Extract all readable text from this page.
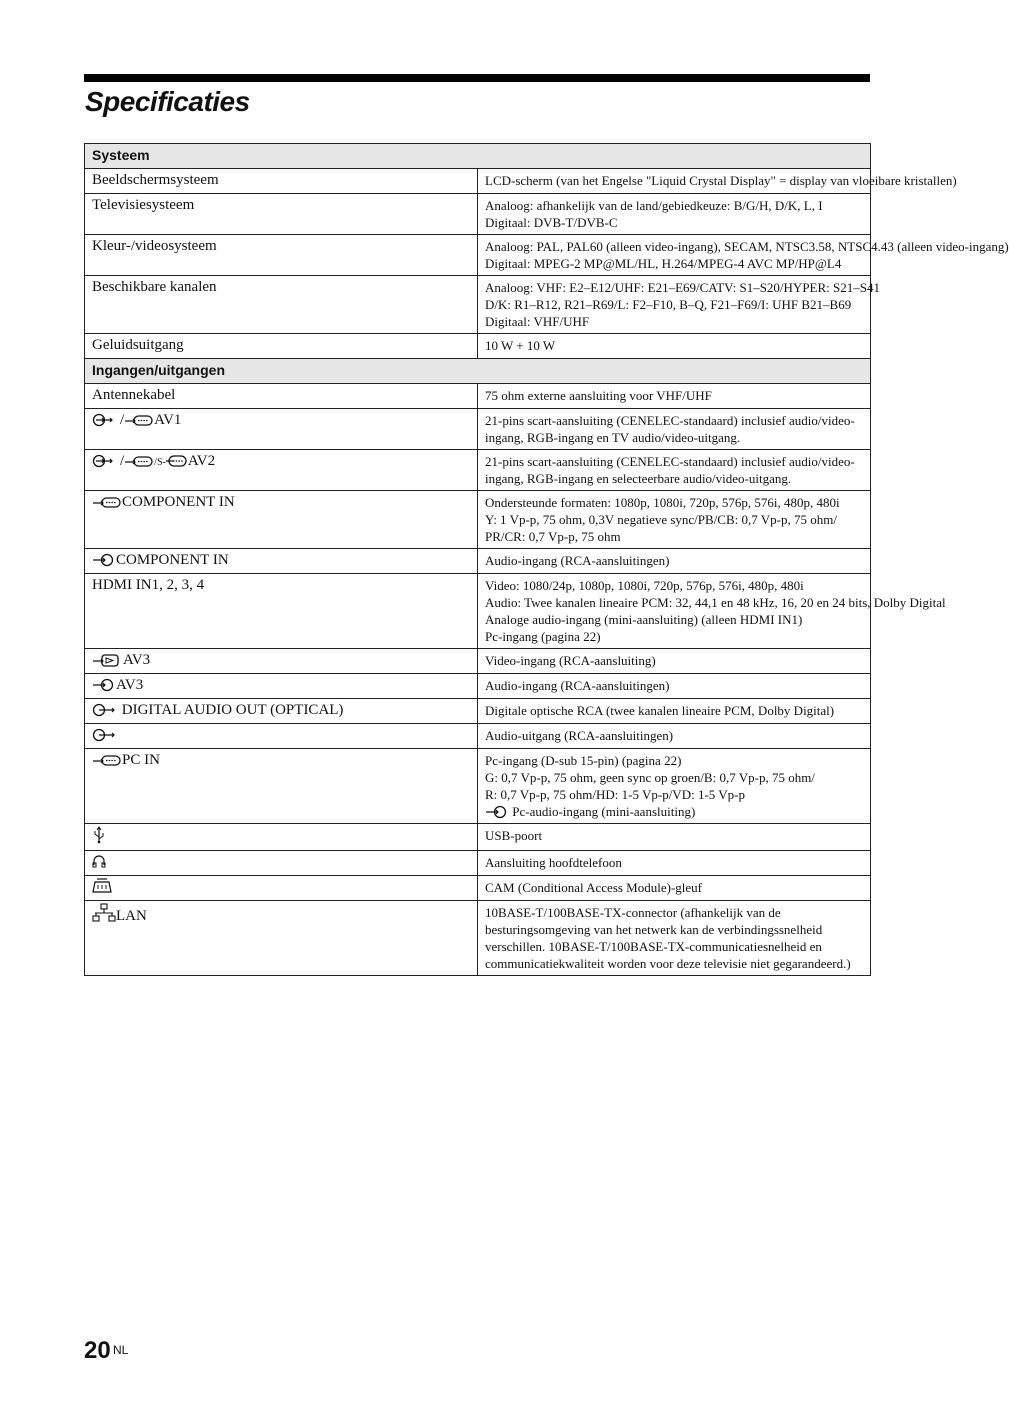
Specificaties
Systeem	
Beeldschermsysteem	LCD-scherm (van het Engelse "Liquid Crystal Display" = display van vloeibare kristallen)

Televisiesysteem	Analoog: afhankelijk van de land/gebiedkeuze: B/G/H, D/K, L, I
Digitaal: DVB-T/DVB-C

Kleur-/videosysteem	Analoog: PAL, PAL60 (alleen video-ingang), SECAM, NTSC3.58, NTSC4.43 (alleen video-ingang)
Digitaal: MPEG-2 MP@ML/HL, H.264/MPEG-4 AVC MP/HP@L4

Beschikbare kanalen	Analoog: VHF: E2–E12/UHF: E21–E69/CATV: S1–S20/HYPER: S21–S41
D/K: R1–R12, R21–R69/L: F2–F10, B–Q, F21–F69/I: UHF B21–B69
Digitaal: VHF/UHF

Geluidsuitgang	10 W + 10 W

Ingangen/uitgangen	
Antennekabel	75 ohm externe aansluiting voor VHF/UHF

/ AV1	21-pins scart-aansluiting (CENELEC-standaard) inclusief audio/video-ingang, RGB-ingang en TV audio/video-uitgang.

/ /S- AV2	21-pins scart-aansluiting (CENELEC-standaard) inclusief audio/video-ingang, RGB-ingang en selecteerbare audio/video-uitgang.

COMPONENT IN	Ondersteunde formaten: 1080p, 1080i, 720p, 576p, 576i, 480p, 480i
Y: 1 Vp-p, 75 ohm, 0,3V negatieve sync/PB/CB: 0,7 Vp-p, 75 ohm/
PR/CR: 0,7 Vp-p, 75 ohm

COMPONENT IN	Audio-ingang (RCA-aansluitingen)

HDMI IN1, 2, 3, 4	Video: 1080/24p, 1080p, 1080i, 720p, 576p, 576i, 480p, 480i
Audio: Twee kanalen lineaire PCM: 32, 44,1 en 48 kHz, 16, 20 en 24 bits, Dolby Digital
Analoge audio-ingang (mini-aansluiting) (alleen HDMI IN1)
Pc-ingang (pagina 22)

AV3	Video-ingang (RCA-aansluiting)

AV3	Audio-ingang (RCA-aansluitingen)

DIGITAL AUDIO OUT (OPTICAL)	Digitale optische RCA (twee kanalen lineaire PCM, Dolby Digital)

Audio-uitgang (RCA-aansluitingen)

PC IN	Pc-ingang (D-sub 15-pin) (pagina 22)
G: 0,7 Vp-p, 75 ohm, geen sync op groen/B: 0,7 Vp-p, 75 ohm/
R: 0,7 Vp-p, 75 ohm/HD: 1-5 Vp-p/VD: 1-5 Vp-p
Pc-audio-ingang (mini-aansluiting)

USB-poort

Aansluiting hoofdtelefoon

CAM (Conditional Access Module)-gleuf

LAN	10BASE-T/100BASE-TX-connector (afhankelijk van de besturingsomgeving van het netwerk kan de verbindingssnelheid verschillen. 10BASE-T/100BASE-TX-communicatiesnelheid en communicatiekwaliteit worden voor deze televisie niet gegarandeerd.)
20 NL
